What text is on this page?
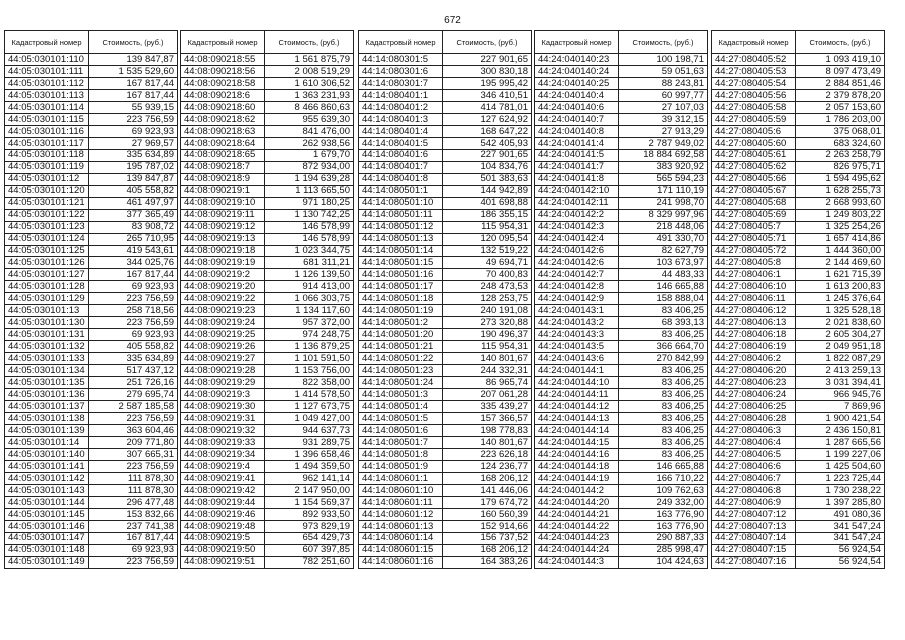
672
Кадастровый номер	Стоимость, (руб.)
44:05:030101:110	139 847,87
44:05:030101:111	1 535 529,60
44:05:030101:112	167 817,44
44:05:030101:113	167 817,44
44:05:030101:114	55 939,15
44:05:030101:115	223 756,59
44:05:030101:116	69 923,93
44:05:030101:117	27 969,57
44:05:030101:118	335 634,89
44:05:030101:119	195 787,02
44:05:030101:12	139 847,87
44:05:030101:120	405 558,82
44:05:030101:121	461 497,97
44:05:030101:122	377 365,49
44:05:030101:123	83 908,72
44:05:030101:124	265 710,95
44:05:030101:125	419 543,61
44:05:030101:126	344 025,76
44:05:030101:127	167 817,44
44:05:030101:128	69 923,93
44:05:030101:129	223 756,59
44:05:030101:13	258 718,56
44:05:030101:130	223 756,59
44:05:030101:131	69 923,93
44:05:030101:132	405 558,82
44:05:030101:133	335 634,89
44:05:030101:134	517 437,12
44:05:030101:135	251 726,16
44:05:030101:136	279 695,74
44:05:030101:137	2 587 185,58
44:05:030101:138	223 756,59
44:05:030101:139	363 604,46
44:05:030101:14	209 771,80
44:05:030101:140	307 665,31
44:05:030101:141	223 756,59
44:05:030101:142	111 878,30
44:05:030101:143	111 878,30
44:05:030101:144	296 477,48
44:05:030101:145	153 832,66
44:05:030101:146	237 741,38
44:05:030101:147	167 817,44
44:05:030101:148	69 923,93
44:05:030101:149	223 756,59
Кадастровый номер	Стоимость, (руб.)
44:08:090218:55	1 561 875,79
44:08:090218:56	2 008 519,29
44:08:090218:58	1 610 306,52
44:08:090218:6	1 363 231,93
44:08:090218:60	8 466 860,63
44:08:090218:62	955 639,30
44:08:090218:63	841 476,00
44:08:090218:64	262 938,56
44:08:090218:65	1 679,70
44:08:090218:7	872 934,00
44:08:090218:9	1 194 639,28
44:08:090219:1	1 113 665,50
44:08:090219:10	971 180,25
44:08:090219:11	1 130 742,25
44:08:090219:12	146 578,99
44:08:090219:13	146 578,99
44:08:090219:18	1 023 344,75
44:08:090219:19	681 311,21
44:08:090219:2	1 126 139,50
44:08:090219:20	914 413,00
44:08:090219:22	1 066 303,75
44:08:090219:23	1 134 117,60
44:08:090219:24	957 372,00
44:08:090219:25	974 248,75
44:08:090219:26	1 136 879,25
44:08:090219:27	1 101 591,50
44:08:090219:28	1 153 756,00
44:08:090219:29	822 358,00
44:08:090219:3	1 414 578,50
44:08:090219:30	1 127 673,75
44:08:090219:31	1 049 427,00
44:08:090219:32	944 637,73
44:08:090219:33	931 289,75
44:08:090219:34	1 396 658,46
44:08:090219:4	1 494 359,50
44:08:090219:41	962 141,14
44:08:090219:42	2 147 950,00
44:08:090219:44	1 154 569,37
44:08:090219:46	892 933,50
44:08:090219:48	973 829,19
44:08:090219:5	654 429,73
44:08:090219:50	607 397,85
44:08:090219:51	782 251,60
Кадастровый номер	Стоимость, (руб.)
44:14:080301:5	227 901,65
44:14:080301:6	300 830,18
44:14:080301:7	195 995,42
44:14:080401:1	346 410,51
44:14:080401:2	414 781,01
44:14:080401:3	127 624,92
44:14:080401:4	168 647,22
44:14:080401:5	542 405,93
44:14:080401:6	227 901,65
44:14:080401:7	104 834,76
44:14:080401:8	501 383,63
44:14:080501:1	144 942,89
44:14:080501:10	401 698,88
44:14:080501:11	186 355,15
44:14:080501:12	115 954,31
44:14:080501:13	120 095,54
44:14:080501:14	132 519,22
44:14:080501:15	49 694,71
44:14:080501:16	70 400,83
44:14:080501:17	248 473,53
44:14:080501:18	128 253,75
44:14:080501:19	240 191,08
44:14:080501:2	273 320,88
44:14:080501:20	190 496,37
44:14:080501:21	115 954,31
44:14:080501:22	140 801,67
44:14:080501:23	244 332,31
44:14:080501:24	86 965,74
44:14:080501:3	207 061,28
44:14:080501:4	335 439,27
44:14:080501:5	157 366,57
44:14:080501:6	198 778,83
44:14:080501:7	140 801,67
44:14:080501:8	223 626,18
44:14:080501:9	124 236,77
44:14:080601:1	168 206,12
44:14:080601:10	141 446,06
44:14:080601:11	179 674,72
44:14:080601:12	160 560,39
44:14:080601:13	152 914,66
44:14:080601:14	156 737,52
44:14:080601:15	168 206,12
44:14:080601:16	164 383,26
Кадастровый номер	Стоимость, (руб.)
44:24:040140:23	100 198,71
44:24:040140:24	59 051,63
44:24:040140:25	88 243,81
44:24:040140:4	60 997,77
44:24:040140:6	27 107,03
44:24:040140:7	39 312,15
44:24:040140:8	27 913,29
44:24:040141:4	2 787 949,02
44:24:040141:5	18 884 692,58
44:24:040141:7	383 920,92
44:24:040141:8	565 594,23
44:24:040142:10	171 110,19
44:24:040142:11	241 998,70
44:24:040142:2	8 329 997,96
44:24:040142:3	218 448,06
44:24:040142:4	491 330,70
44:24:040142:6	82 627,79
44:24:040142:6	103 673,97
44:24:040142:7	44 483,33
44:24:040142:8	146 665,88
44:24:040142:9	158 888,04
44:24:040143:1	83 406,25
44:24:040143:2	68 393,13
44:24:040143:3	83 406,25
44:24:040143:5	366 664,70
44:24:040143:6	270 842,99
44:24:040144:1	83 406,25
44:24:040144:10	83 406,25
44:24:040144:11	83 406,25
44:24:040144:12	83 406,25
44:24:040144:13	83 406,25
44:24:040144:14	83 406,25
44:24:040144:15	83 406,25
44:24:040144:16	83 406,25
44:24:040144:18	146 665,88
44:24:040144:19	166 710,22
44:24:040144:2	109 762,63
44:24:040144:20	249 332,00
44:24:040144:21	163 776,90
44:24:040144:22	163 776,90
44:24:040144:23	290 887,33
44:24:040144:24	285 998,47
44:24:040144:3	104 424,63
Кадастровый номер	Стоимость, (руб.)
44:27:080405:52	1 093 419,10
44:27:080405:53	8 097 473,49
44:27:080405:54	2 884 851,46
44:27:080405:56	2 379 878,20
44:27:080405:58	2 057 153,60
44:27:080405:59	1 786 203,00
44:27:080405:6	375 068,01
44:27:080405:60	683 324,60
44:27:080405:61	2 263 258,79
44:27:080405:62	826 975,71
44:27:080405:66	1 594 495,62
44:27:080405:67	1 628 255,73
44:27:080405:68	2 668 993,60
44:27:080405:69	1 249 803,22
44:27:080405:7	1 325 254,26
44:27:080405:71	1 657 414,86
44:27:080405:72	1 444 360,00
44:27:080405:8	2 144 469,60
44:27:080406:1	1 621 715,39
44:27:080406:10	1 613 200,83
44:27:080406:11	1 245 376,64
44:27:080406:12	1 325 528,18
44:27:080406:13	2 021 838,60
44:27:080406:18	2 605 304,27
44:27:080406:19	2 049 951,18
44:27:080406:2	1 822 087,29
44:27:080406:20	2 413 259,13
44:27:080406:23	3 031 394,41
44:27:080406:24	966 945,76
44:27:080406:25	7 869,96
44:27:080406:28	1 900 421,54
44:27:080406:3	2 436 150,81
44:27:080406:4	1 287 665,56
44:27:080406:5	1 199 227,06
44:27:080406:6	1 425 504,60
44:27:080406:7	1 223 725,44
44:27:080406:8	1 730 238,22
44:27:080406:9	1 397 285,80
44:27:080407:12	491 080,36
44:27:080407:13	341 547,24
44:27:080407:14	341 547,24
44:27:080407:15	56 924,54
44:27:080407:16	56 924,54
